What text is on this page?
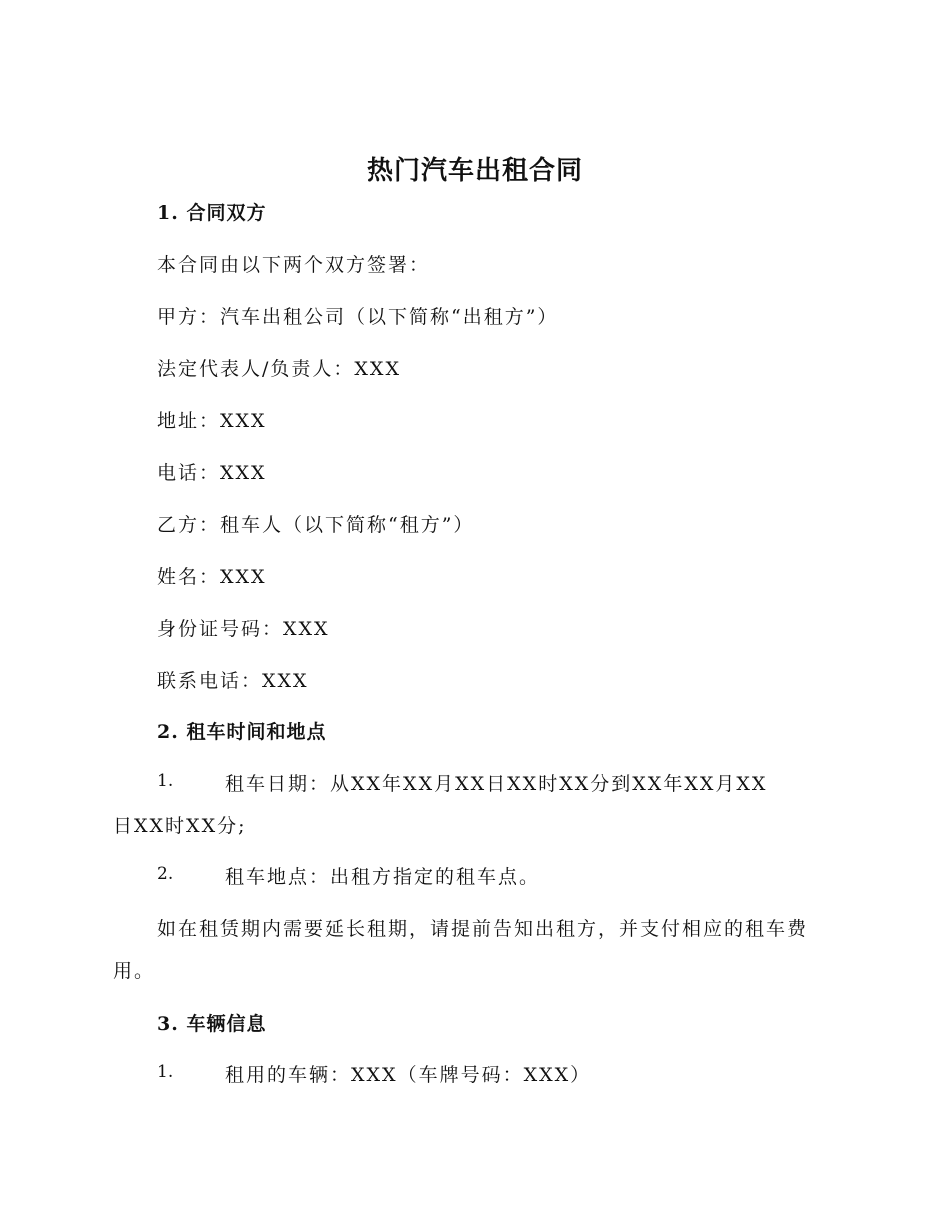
热门汽车出租合同
1. 合同双方
本合同由以下两个双方签署：
甲方：汽车出租公司（以下简称“出租方”）
法定代表人/负责人：XXX
地址：XXX
电话：XXX
乙方：租车人（以下简称“租方”）
姓名：XXX
身份证号码：XXX
联系电话：XXX
2. 租车时间和地点
1.	租车日期：从XX年XX月XX日XX时XX分到XX年XX月XX
日XX时XX分;
2.	租车地点：出租方指定的租车点。
如在租赁期内需要延长租期，请提前告知出租方，并支付相应的租车费
用。
3. 车辆信息
1.	租用的车辆：XXX（车牌号码：XXX）
